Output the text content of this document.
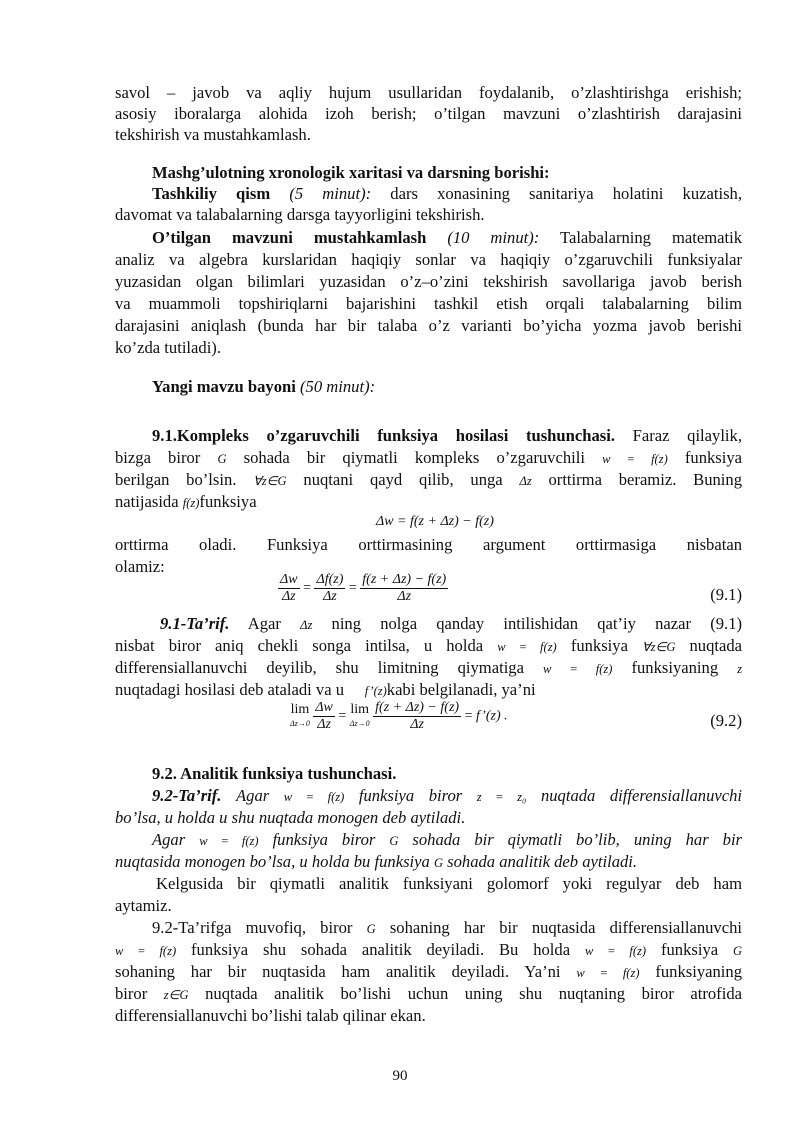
savol – javob va aqliy hujum usullaridan foydalanib, o’zlashtirishga erishish;
asosiy iboralarga alohida izoh berish; o’tilgan mavzuni o’zlashtirish darajasini
tekshirish va mustahkamlash.
Mashg’ulotning xronologik xaritasi va darsning borishi:
Tashkiliy qism (5 minut): dars xonasining sanitariya holatini kuzatish,
davomat va talabalarning darsga tayyorligini tekshirish.
O’tilgan mavzuni mustahkamlash (10 minut): Talabalarning matematik
analiz va algebra kurslaridan haqiqiy sonlar va haqiqiy o’zgaruvchili funksiyalar
yuzasidan olgan bilimlari yuzasidan o’z–o’zini tekshirish savollariga javob berish
va muammoli topshiriqlarni bajarishini tashkil etish orqali talabalarning bilim
darajasini aniqlash (bunda har bir talaba o’z varianti bo’yicha yozma javob berishi
ko’zda tutiladi).
Yangi mavzu bayoni (50 minut):
9.1.Kompleks o’zgaruvchili funksiya hosilasi tushunchasi. Faraz qilaylik,
bizga biror G sohada bir qiymatli kompleks o’zgaruvchili w = f(z) funksiya
berilgan bo’lsin. ∀z∈G nuqtani qayd qilib, unga Δz orttirma beramiz. Buning
natijasida f(z)funksiya
Δw = f(z + Δz) − f(z)
orttirma oladi. Funksiya orttirmasining argument orttirmasiga nisbatan
olamiz:
$\frac{\Delta w}{\Delta z} = \frac{\Delta f(z)}{\Delta z} = \frac{f(z + \Delta z) - f(z)}{\Delta z}$	(9.1)
9.1-Ta’rif. Agar Δz ning nolga qanday intilishidan qat’iy nazar (9.1)
nisbat biror aniq chekli songa intilsa, u holda w = f(z) funksiya ∀z∈G nuqtada
differensiallanuvchi deyilib, shu limitning qiymatiga w = f(z) funksiyaning z
nuqtadagi hosilasi deb ataladi va u f’(z)kabi belgilanadi, ya’ni
lim
Δz→0
$\frac{\Delta w}{\Delta z} = \lim$
Δz→0
$\frac{f(z + \Delta z) - f(z)}{\Delta z}$ = f’(z) .	(9.2)
9.2. Analitik funksiya tushunchasi.
9.2-Ta’rif. Agar w = f(z) funksiya biror z = z₀ nuqtada differensiallanuvchi
bo’lsa, u holda u shu nuqtada monogen deb aytiladi.
Agar w = f(z) funksiya biror G sohada bir qiymatli bo’lib, uning har bir
nuqtasida monogen bo’lsa, u holda bu funksiya G sohada analitik deb aytiladi.
Kelgusida bir qiymatli analitik funksiyani golomorf yoki regulyar deb ham
aytamiz.
9.2-Ta’rifga muvofiq, biror G sohaning har bir nuqtasida differensiallanuvchi
w = f(z) funksiya shu sohada analitik deyiladi. Bu holda w = f(z) funksiya G
sohaning har bir nuqtasida ham analitik deyiladi. Ya’ni w = f(z) funksiyaning
biror z∈G nuqtada analitik bo’lishi uchun uning shu nuqtaning biror atrofida
differensiallanuvchi bo’lishi talab qilinar ekan.
90
